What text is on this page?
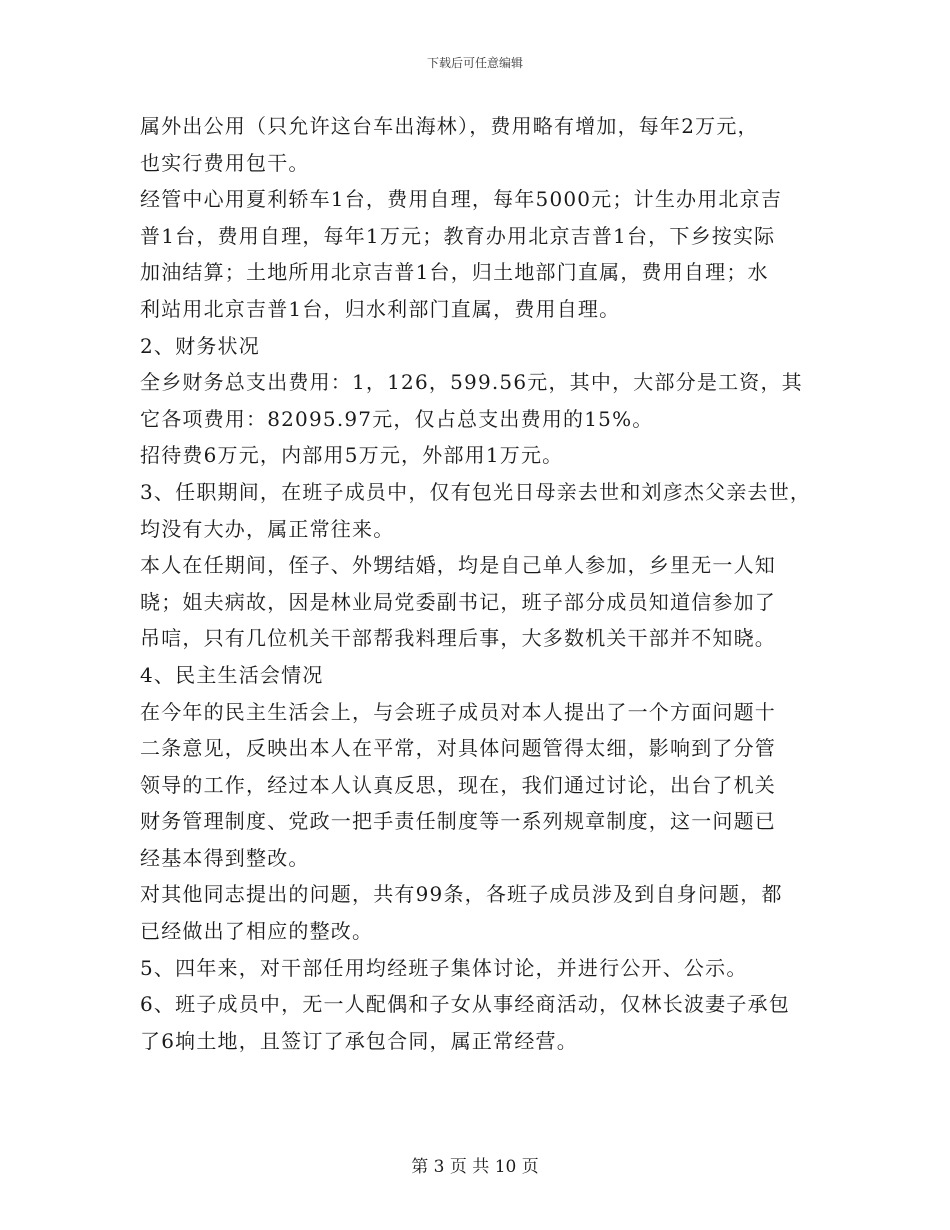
下载后可任意编辑
属外出公用（只允许这台车出海林），费用略有增加，每年2万元，
也实行费用包干。
经管中心用夏利轿车1台，费用自理，每年5000元；计生办用北京吉
普1台，费用自理，每年1万元；教育办用北京吉普1台，下乡按实际
加油结算；土地所用北京吉普1台，归土地部门直属，费用自理；水
利站用北京吉普1台，归水利部门直属，费用自理。
2、财务状况
全乡财务总支出费用：1，126，599.56元，其中，大部分是工资，其
它各项费用：82095.97元，仅占总支出费用的15%。
招待费6万元，内部用5万元，外部用1万元。
3、任职期间，在班子成员中，仅有包光日母亲去世和刘彦杰父亲去世，
均没有大办，属正常往来。
本人在任期间，侄子、外甥结婚，均是自己单人参加，乡里无一人知
晓；姐夫病故，因是林业局党委副书记，班子部分成员知道信参加了
吊唁，只有几位机关干部帮我料理后事，大多数机关干部并不知晓。
4、民主生活会情况
在今年的民主生活会上，与会班子成员对本人提出了一个方面问题十
二条意见，反映出本人在平常，对具体问题管得太细，影响到了分管
领导的工作，经过本人认真反思，现在，我们通过讨论，出台了机关
财务管理制度、党政一把手责任制度等一系列规章制度，这一问题已
经基本得到整改。
对其他同志提出的问题，共有99条，各班子成员涉及到自身问题，都
已经做出了相应的整改。
5、四年来，对干部任用均经班子集体讨论，并进行公开、公示。
6、班子成员中，无一人配偶和子女从事经商活动，仅林长波妻子承包
了6垧土地，且签订了承包合同，属正常经营。
第 3 页 共 10 页
